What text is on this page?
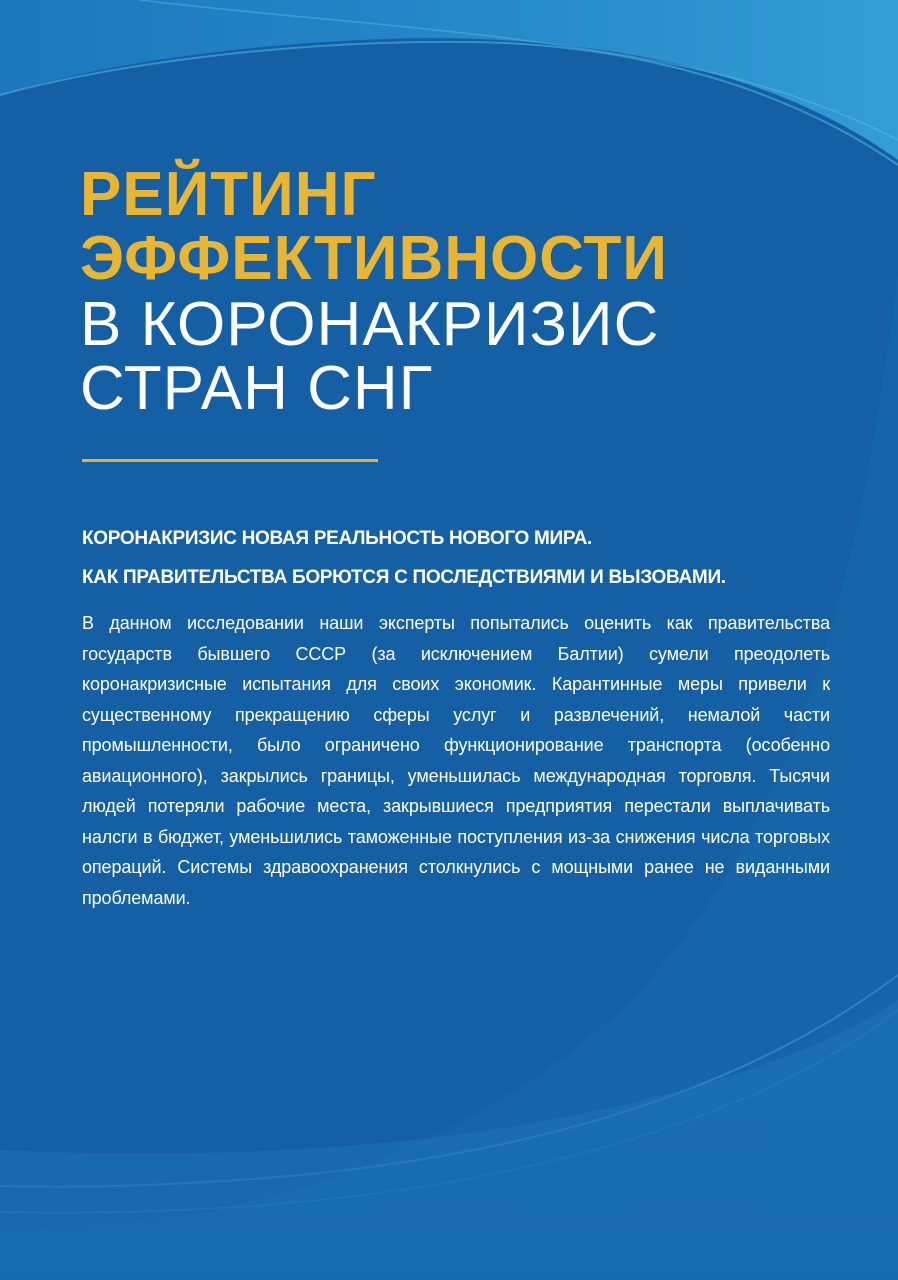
РЕЙТИНГ
ЭФФЕКТИВНОСТИ
В КОРОНАКРИЗИС
СТРАН СНГ
КОРОНАКРИЗИС НОВАЯ РЕАЛЬНОСТЬ НОВОГО МИРА.
КАК ПРАВИТЕЛЬСТВА БОРЮТСЯ С ПОСЛЕДСТВИЯМИ И ВЫЗОВАМИ.

В данном исследовании наши эксперты попытались оценить как правительства государств бывшего СССР (за исключением Балтии) сумели преодолеть коронакризисные испытания для своих экономик. Карантинные меры привели к существенному прекращению сферы услуг и развлечений, немалой части промышленности, было ограничено функционирование транспорта (особенно авиационного), закрылись границы, уменьшилась международная торговля. Тысячи людей потеряли рабочие места, закрывшиеся предприятия перестали выплачивать налсги в бюджет, уменьшились таможенные поступления из-за снижения числа торговых операций. Системы здравоохранения столкнулись с мощными ранее не виданными проблемами.
